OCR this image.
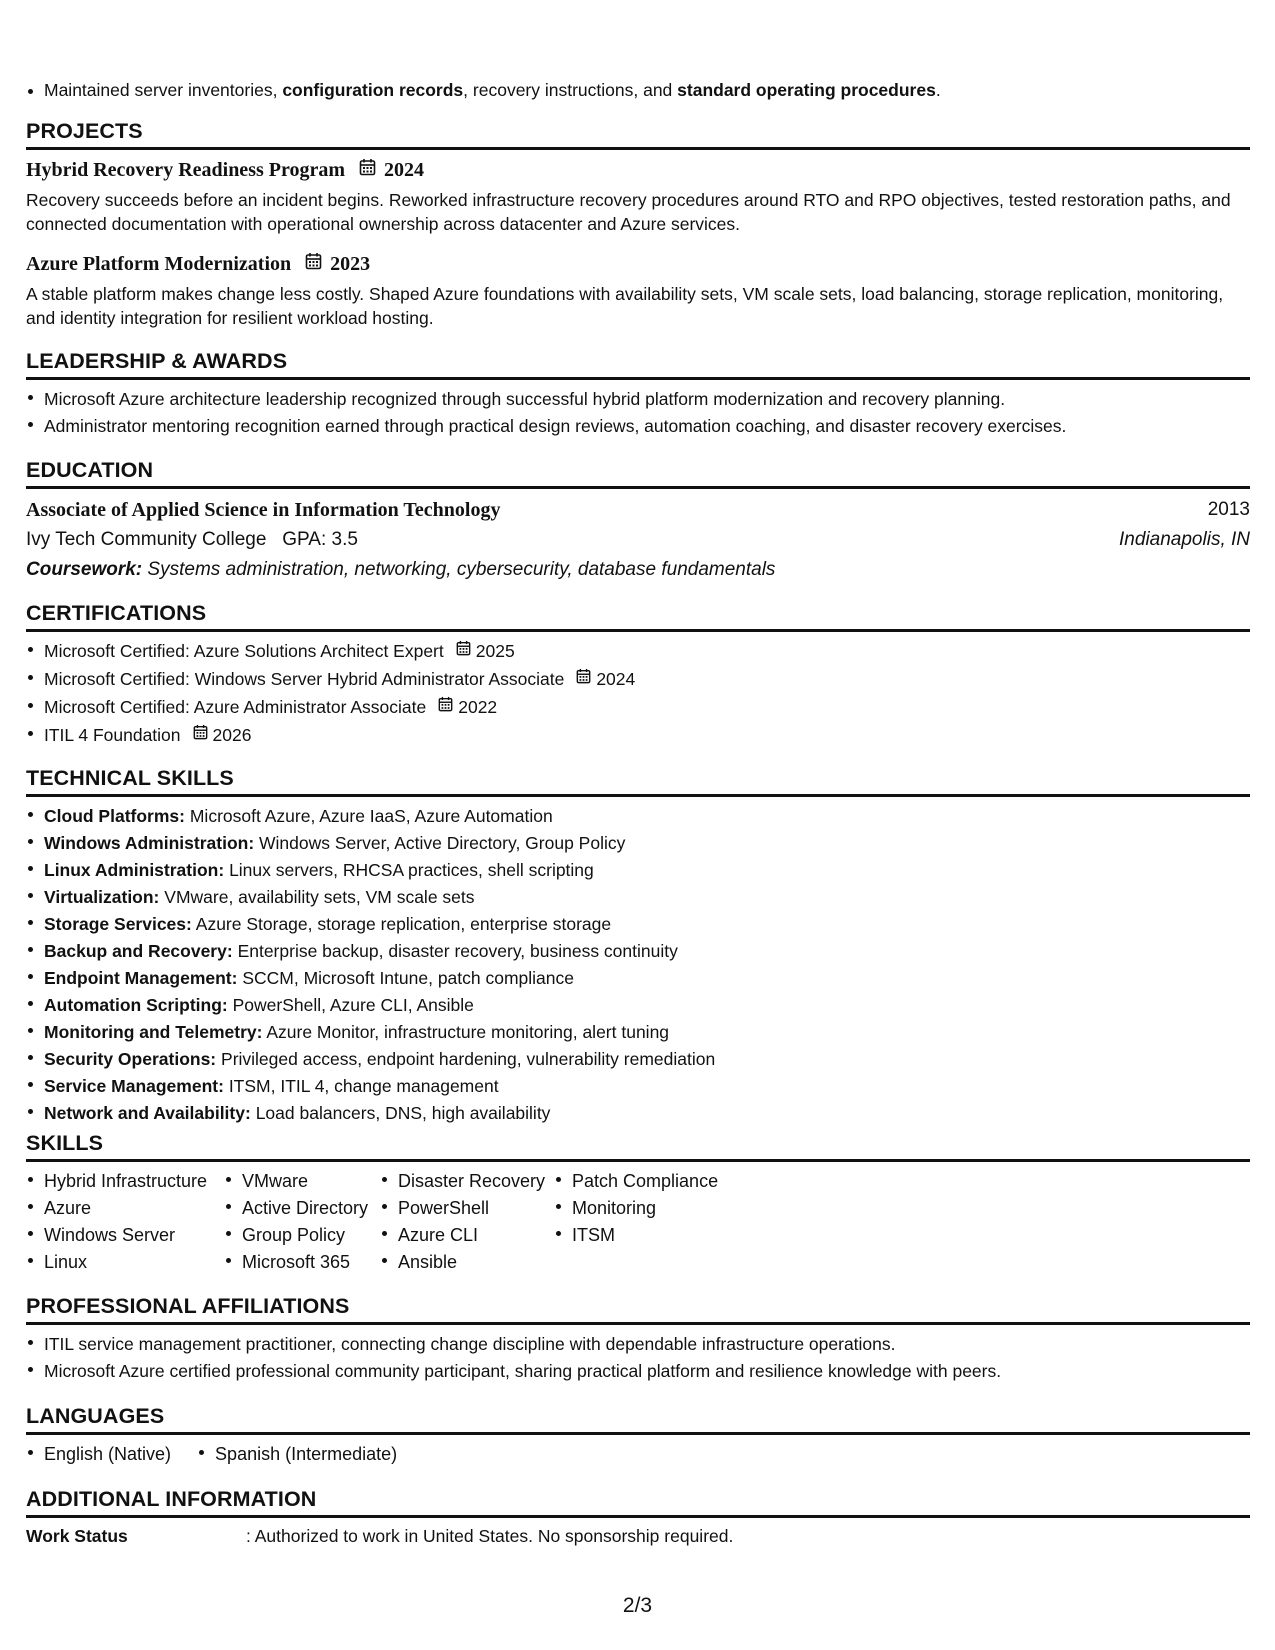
Maintained server inventories, configuration records, recovery instructions, and standard operating procedures.
PROJECTS
Hybrid Recovery Readiness Program 2024
Recovery succeeds before an incident begins. Reworked infrastructure recovery procedures around RTO and RPO objectives, tested restoration paths, and connected documentation with operational ownership across datacenter and Azure services.
Azure Platform Modernization 2023
A stable platform makes change less costly. Shaped Azure foundations with availability sets, VM scale sets, load balancing, storage replication, monitoring, and identity integration for resilient workload hosting.
LEADERSHIP & AWARDS
Microsoft Azure architecture leadership recognized through successful hybrid platform modernization and recovery planning.
Administrator mentoring recognition earned through practical design reviews, automation coaching, and disaster recovery exercises.
EDUCATION
Associate of Applied Science in Information Technology	2013
Ivy Tech Community College GPA: 3.5	Indianapolis, IN
Coursework: Systems administration, networking, cybersecurity, database fundamentals
CERTIFICATIONS
Microsoft Certified: Azure Solutions Architect Expert 2025
Microsoft Certified: Windows Server Hybrid Administrator Associate 2024
Microsoft Certified: Azure Administrator Associate 2022
ITIL 4 Foundation 2026
TECHNICAL SKILLS
Cloud Platforms: Microsoft Azure, Azure IaaS, Azure Automation
Windows Administration: Windows Server, Active Directory, Group Policy
Linux Administration: Linux servers, RHCSA practices, shell scripting
Virtualization: VMware, availability sets, VM scale sets
Storage Services: Azure Storage, storage replication, enterprise storage
Backup and Recovery: Enterprise backup, disaster recovery, business continuity
Endpoint Management: SCCM, Microsoft Intune, patch compliance
Automation Scripting: PowerShell, Azure CLI, Ansible
Monitoring and Telemetry: Azure Monitor, infrastructure monitoring, alert tuning
Security Operations: Privileged access, endpoint hardening, vulnerability remediation
Service Management: ITSM, ITIL 4, change management
Network and Availability: Load balancers, DNS, high availability
SKILLS
Hybrid Infrastructure
Azure
Windows Server
Linux
VMware
Active Directory
Group Policy
Microsoft 365
Disaster Recovery
PowerShell
Azure CLI
Ansible
Patch Compliance
Monitoring
ITSM
PROFESSIONAL AFFILIATIONS
ITIL service management practitioner, connecting change discipline with dependable infrastructure operations.
Microsoft Azure certified professional community participant, sharing practical platform and resilience knowledge with peers.
LANGUAGES
English (Native)	Spanish (Intermediate)
ADDITIONAL INFORMATION
Work Status	: Authorized to work in United States. No sponsorship required.
2/3
